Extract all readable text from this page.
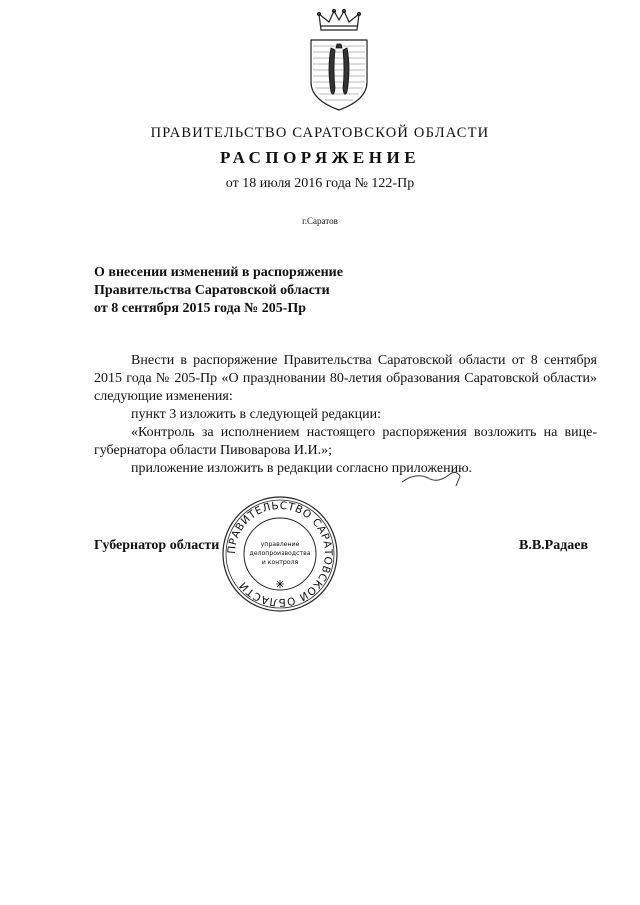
ПРАВИТЕЛЬСТВО САРАТОВСКОЙ ОБЛАСТИ
РАСПОРЯЖЕНИЕ
от 18 июля 2016 года № 122-Пр
г.Саратов
О внесении изменений в распоряжение
Правительства Саратовской области
от 8 сентября 2015 года № 205-Пр

Внести в распоряжение Правительства Саратовской области от 8 сентября 2015 года № 205-Пр «О праздновании 80-летия образования Саратовской области» следующие изменения:

пункт 3 изложить в следующей редакции:

«Контроль за исполнением настоящего распоряжения возложить на вице-губернатора области Пивоварова И.И.»;

приложение изложить в редакции согласно приложению.

Губернатор области	В.В.Радаев
ПРАВИТЕЛЬСТВО САРАТОВСКОЙ ОБЛАСТИ
управление
делопроизводства
и контроля
